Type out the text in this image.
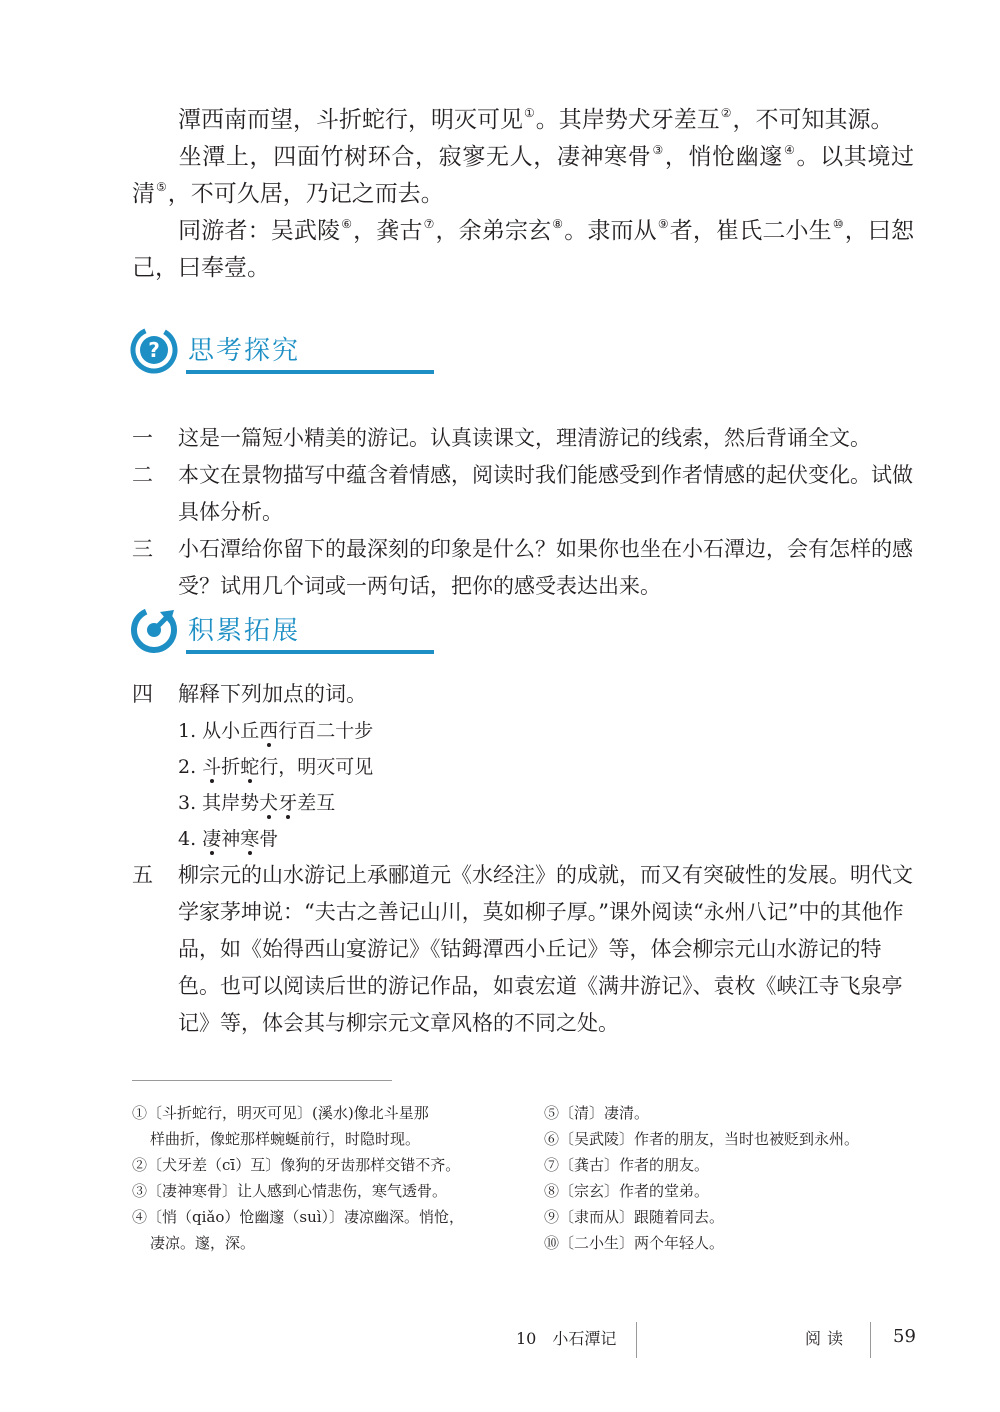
潭西南而望，斗折蛇行，明灭可见①。其岸势犬牙差互②，不可知其源。

坐潭上，四面竹树环合，寂寥无人，凄神寒骨③，悄怆幽邃④。以其境过清⑤，不可久居，乃记之而去。

同游者：吴武陵⑥，龚古⑦，余弟宗玄⑧。隶而从⑨者，崔氏二小生⑩，曰恕己，曰奉壹。

? 思考探究

一 这是一篇短小精美的游记。认真读课文，理清游记的线索，然后背诵全文。

二 本文在景物描写中蕴含着情感，阅读时我们能感受到作者情感的起伏变化。试做具体分析。

三 小石潭给你留下的最深刻的印象是什么？如果你也坐在小石潭边，会有怎样的感受？试用几个词或一两句话，把你的感受表达出来。

积累拓展

四 解释下列加点的词。

1. 从小丘西行百二十步

2. 斗折蛇行，明灭可见

3. 其岸势犬牙差互

4. 凄神寒骨

五 柳宗元的山水游记上承郦道元《水经注》的成就，而又有突破性的发展。明代文学家茅坤说：“夫古之善记山川，莫如柳子厚。”课外阅读“永州八记”中的其他作品，如《始得西山宴游记》《钴鉧潭西小丘记》等，体会柳宗元山水游记的特色。也可以阅读后世的游记作品，如袁宏道《满井游记》、袁枚《峡江寺飞泉亭记》等，体会其与柳宗元文章风格的不同之处。

①〔斗折蛇行，明灭可见〕(溪水)像北斗星那
样曲折，像蛇那样蜿蜒前行，时隐时现。
②〔犬牙差（cī）互〕像狗的牙齿那样交错不齐。
③〔凄神寒骨〕让人感到心情悲伤，寒气透骨。
④〔悄（qiǎo）怆幽邃（suì）〕凄凉幽深。悄怆，
凄凉。邃，深。
⑤〔清〕凄清。
⑥〔吴武陵〕作者的朋友，当时也被贬到永州。
⑦〔龚古〕作者的朋友。
⑧〔宗玄〕作者的堂弟。
⑨〔隶而从〕跟随着同去。
⑩〔二小生〕两个年轻人。
10　小石潭记	阅读 59
